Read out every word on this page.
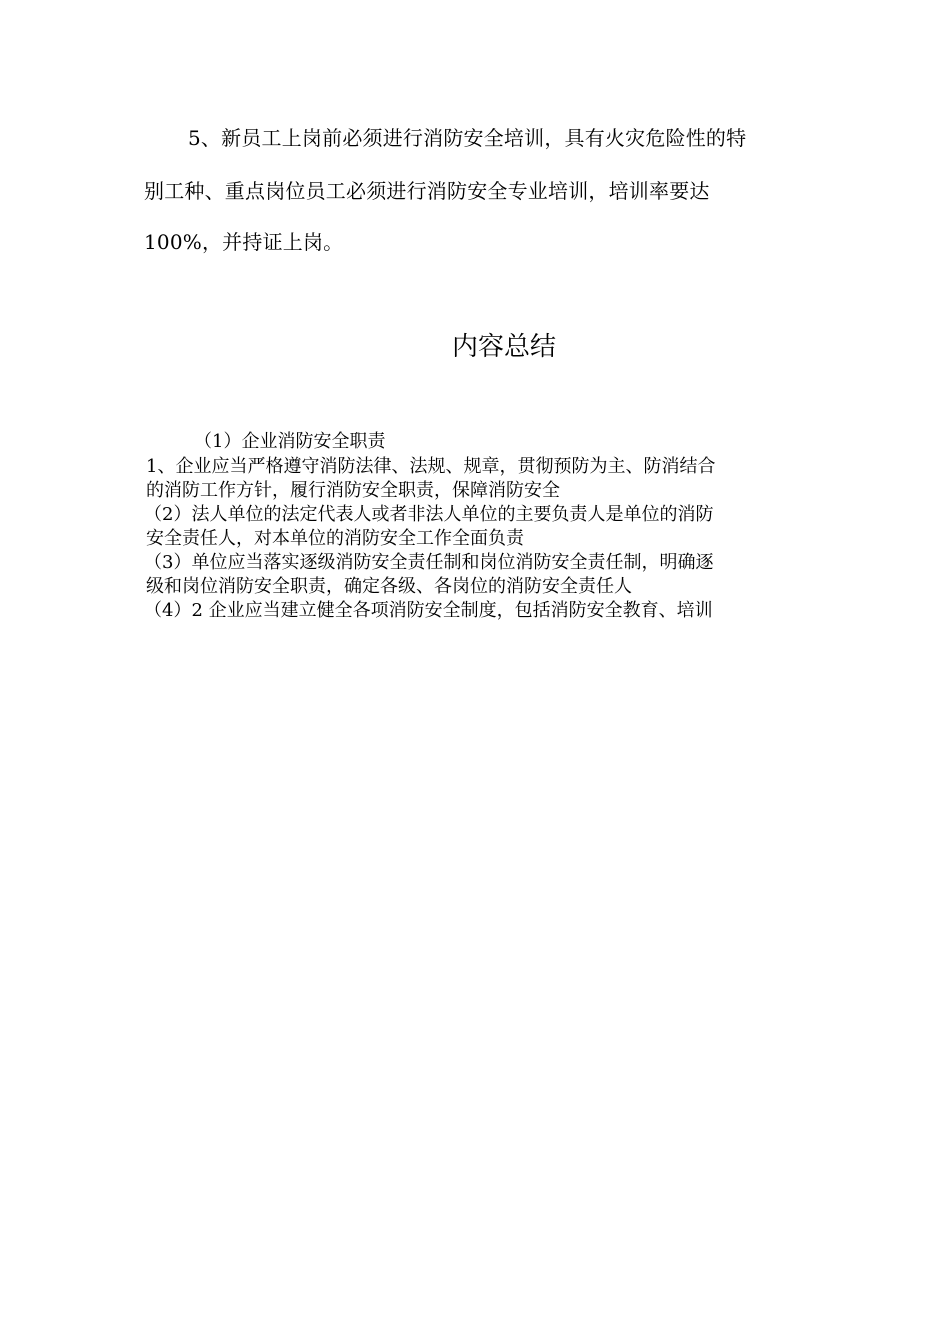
5、新员工上岗前必须进行消防安全培训，具有火灾危险性的特
别工种、重点岗位员工必须进行消防安全专业培训，培训率要达
100%，并持证上岗。
内容总结
（1）企业消防安全职责
1、企业应当严格遵守消防法律、法规、规章，贯彻预防为主、防消结合
的消防工作方针，履行消防安全职责，保障消防安全
（2）法人单位的法定代表人或者非法人单位的主要负责人是单位的消防
安全责任人，对本单位的消防安全工作全面负责
（3）单位应当落实逐级消防安全责任制和岗位消防安全责任制，明确逐
级和岗位消防安全职责，确定各级、各岗位的消防安全责任人
（4）2 企业应当建立健全各项消防安全制度，包括消防安全教育、培训
